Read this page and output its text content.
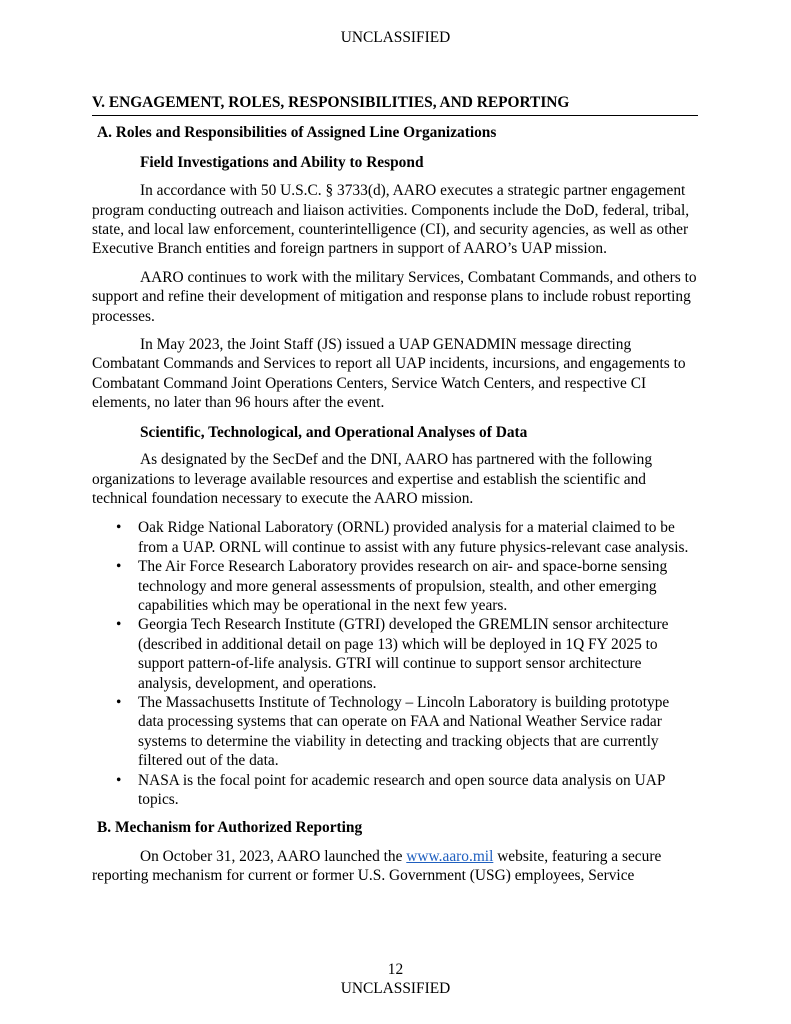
UNCLASSIFIED
V. ENGAGEMENT, ROLES, RESPONSIBILITIES, AND REPORTING
A. Roles and Responsibilities of Assigned Line Organizations
Field Investigations and Ability to Respond

In accordance with 50 U.S.C. § 3733(d), AARO executes a strategic partner engagement program conducting outreach and liaison activities. Components include the DoD, federal, tribal, state, and local law enforcement, counterintelligence (CI), and security agencies, as well as other Executive Branch entities and foreign partners in support of AARO’s UAP mission.

AARO continues to work with the military Services, Combatant Commands, and others to support and refine their development of mitigation and response plans to include robust reporting processes.

In May 2023, the Joint Staff (JS) issued a UAP GENADMIN message directing Combatant Commands and Services to report all UAP incidents, incursions, and engagements to Combatant Command Joint Operations Centers, Service Watch Centers, and respective CI elements, no later than 96 hours after the event.

Scientific, Technological, and Operational Analyses of Data

As designated by the SecDef and the DNI, AARO has partnered with the following organizations to leverage available resources and expertise and establish the scientific and technical foundation necessary to execute the AARO mission.

• Oak Ridge National Laboratory (ORNL) provided analysis for a material claimed to be from a UAP. ORNL will continue to assist with any future physics-relevant case analysis.
• The Air Force Research Laboratory provides research on air- and space-borne sensing technology and more general assessments of propulsion, stealth, and other emerging capabilities which may be operational in the next few years.
• Georgia Tech Research Institute (GTRI) developed the GREMLIN sensor architecture (described in additional detail on page 13) which will be deployed in 1Q FY 2025 to support pattern-of-life analysis. GTRI will continue to support sensor architecture analysis, development, and operations.
• The Massachusetts Institute of Technology – Lincoln Laboratory is building prototype data processing systems that can operate on FAA and National Weather Service radar systems to determine the viability in detecting and tracking objects that are currently filtered out of the data.
• NASA is the focal point for academic research and open source data analysis on UAP topics.
B. Mechanism for Authorized Reporting

On October 31, 2023, AARO launched the www.aaro.mil website, featuring a secure reporting mechanism for current or former U.S. Government (USG) employees, Service

12
UNCLASSIFIED
